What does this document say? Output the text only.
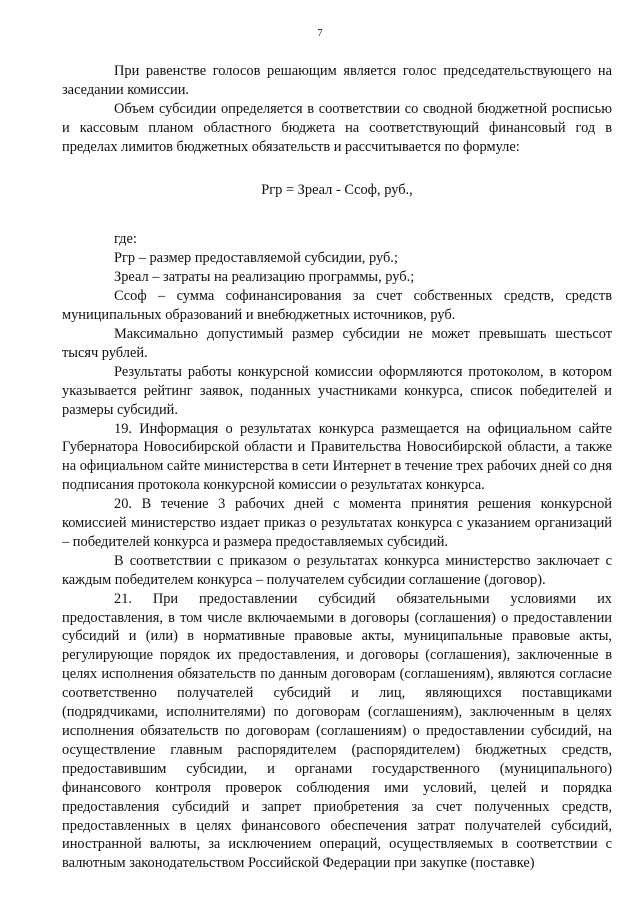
7

При равенстве голосов решающим является голос председательствующего на заседании комиссии.

Объем субсидии определяется в соответствии со сводной бюджетной росписью и кассовым планом областного бюджета на соответствующий финансовый год в пределах лимитов бюджетных обязательств и рассчитывается по формуле:

Ргр = Зреал - Ссоф, руб.,

где:

Ргр – размер предоставляемой субсидии, руб.;

Зреал – затраты на реализацию программы, руб.;

Ссоф – сумма софинансирования за счет собственных средств, средств муниципальных образований и внебюджетных источников, руб.

Максимально допустимый размер субсидии не может превышать шестьсот тысяч рублей.

Результаты работы конкурсной комиссии оформляются протоколом, в котором указывается рейтинг заявок, поданных участниками конкурса, список победителей и размеры субсидий.

19. Информация о результатах конкурса размещается на официальном сайте Губернатора Новосибирской области и Правительства Новосибирской области, а также на официальном сайте министерства в сети Интернет в течение трех рабочих дней со дня подписания протокола конкурсной комиссии о результатах конкурса.

20. В течение 3 рабочих дней с момента принятия решения конкурсной комиссией министерство издает приказ о результатах конкурса с указанием организаций – победителей конкурса и размера предоставляемых субсидий.

В соответствии с приказом о результатах конкурса министерство заключает с каждым победителем конкурса – получателем субсидии соглашение (договор).

21. При предоставлении субсидий обязательными условиями их предоставления, в том числе включаемыми в договоры (соглашения) о предоставлении субсидий и (или) в нормативные правовые акты, муниципальные правовые акты, регулирующие порядок их предоставления, и договоры (соглашения), заключенные в целях исполнения обязательств по данным договорам (соглашениям), являются согласие соответственно получателей субсидий и лиц, являющихся поставщиками (подрядчиками, исполнителями) по договорам (соглашениям), заключенным в целях исполнения обязательств по договорам (соглашениям) о предоставлении субсидий, на осуществление главным распорядителем (распорядителем) бюджетных средств, предоставившим субсидии, и органами государственного (муниципального) финансового контроля проверок соблюдения ими условий, целей и порядка предоставления субсидий и запрет приобретения за счет полученных средств, предоставленных в целях финансового обеспечения затрат получателей субсидий, иностранной валюты, за исключением операций, осуществляемых в соответствии с валютным законодательством Российской Федерации при закупке (поставке)
